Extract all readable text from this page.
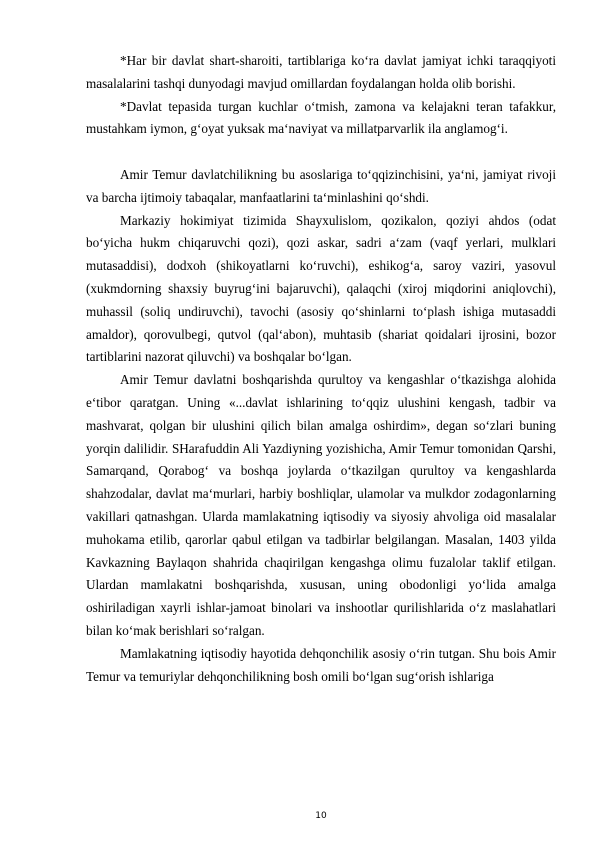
*Har bir davlat shart-sharoiti, tartiblariga ko‘ra davlat jamiyat ichki taraqqiyoti masalalarini tashqi dunyodagi mavjud omillardan foydalangan holda olib borishi.

*Davlat tepasida turgan kuchlar o‘tmish, zamona va kelajakni teran tafakkur, mustahkam iymon, g‘oyat yuksak ma‘naviyat va millatparvarlik ila anglamog‘i.

Amir Temur davlatchilikning bu asoslariga to‘qqizinchisini, ya‘ni, jamiyat rivoji va barcha ijtimoiy tabaqalar, manfaatlarini ta‘minlashini qo‘shdi.

Markaziy hokimiyat tizimida Shayxulislom, qozikalon, qoziyi ahdos (odat bo‘yicha hukm chiqaruvchi qozi), qozi askar, sadri a‘zam (vaqf yerlari, mulklari mutasaddisi), dodxoh (shikoyatlarni ko‘ruvchi), eshikog‘a, saroy vaziri, yasovul (xukmdorning shaxsiy buyrug‘ini bajaruvchi), qalaqchi (xiroj miqdorini aniqlovchi), muhassil (soliq undiruvchi), tavochi (asosiy qo‘shinlarni to‘plash ishiga mutasaddi amaldor), qorovulbegi, qutvol (qal‘abon), muhtasib (shariat qoidalari ijrosini, bozor tartiblarini nazorat qiluvchi) va boshqalar bo‘lgan.

Amir Temur davlatni boshqarishda qurultoy va kengashlar o‘tkazishga alohida e‘tibor qaratgan. Uning «...davlat ishlarining to‘qqiz ulushini kengash, tadbir va mashvarat, qolgan bir ulushini qilich bilan amalga oshirdim», degan so‘zlari buning yorqin dalilidir. SHarafuddin Ali Yazdiyning yozishicha, Amir Temur tomonidan Qarshi, Samarqand, Qorabog‘ va boshqa joylarda o‘tkazilgan qurultoy va kengashlarda shahzodalar, davlat ma‘murlari, harbiy boshliqlar, ulamolar va mulkdor zodagonlarning vakillari qatnashgan. Ularda mamlakatning iqtisodiy va siyosiy ahvoliga oid masalalar muhokama etilib, qarorlar qabul etilgan va tadbirlar belgilangan. Masalan, 1403 yilda Kavkazning Baylaqon shahrida chaqirilgan kengashga olimu fuzalolar taklif etilgan. Ulardan mamlakatni boshqarishda, xususan, uning obodonligi yo‘lida amalga oshiriladigan xayrli ishlar-jamoat binolari va inshootlar qurilishlarida o‘z maslahatlari bilan ko‘mak berishlari so‘ralgan.

Mamlakatning iqtisodiy hayotida dehqonchilik asosiy o‘rin tutgan. Shu bois Amir Temur va temuriylar dehqonchilikning bosh omili bo‘lgan sug‘orish ishlariga

10
